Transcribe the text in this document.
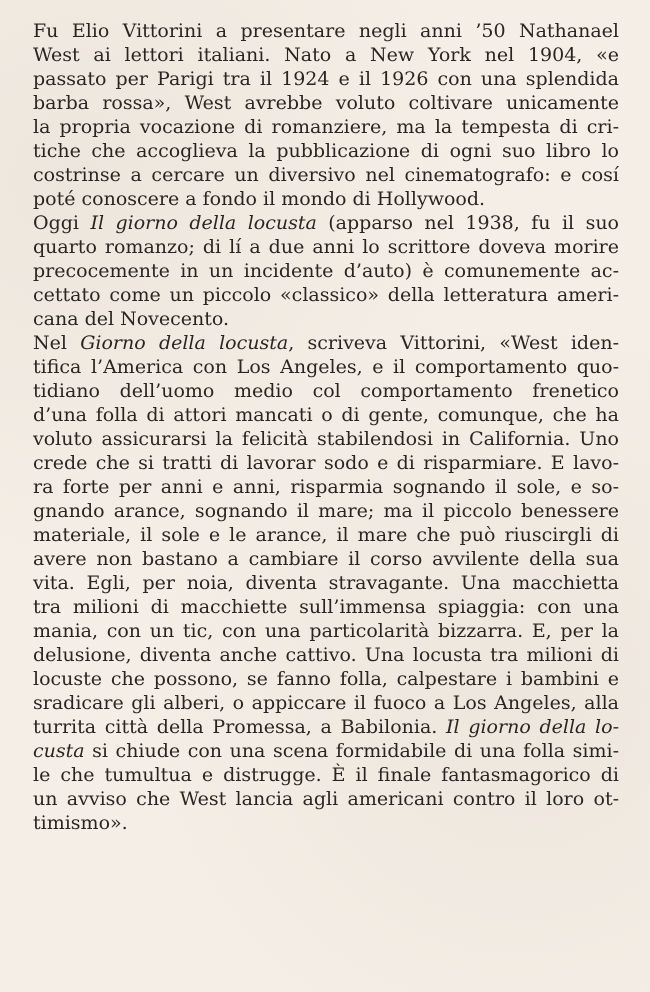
Fu Elio Vittorini a presentare negli anni ’50 Nathanael
West ai lettori italiani. Nato a New York nel 1904, «e
passato per Parigi tra il 1924 e il 1926 con una splendida
barba rossa», West avrebbe voluto coltivare unicamente
la propria vocazione di romanziere, ma la tempesta di cri-
tiche che accoglieva la pubblicazione di ogni suo libro lo
costrinse a cercare un diversivo nel cinematografo: e cosí
poté conoscere a fondo il mondo di Hollywood.
Oggi Il giorno della locusta (apparso nel 1938, fu il suo
quarto romanzo; di lí a due anni lo scrittore doveva morire
precocemente in un incidente d’auto) è comunemente ac-
cettato come un piccolo «classico» della letteratura ameri-
cana del Novecento.
Nel Giorno della locusta, scriveva Vittorini, «West iden-
tifica l’America con Los Angeles, e il comportamento quo-
tidiano dell’uomo medio col comportamento frenetico
d’una folla di attori mancati o di gente, comunque, che ha
voluto assicurarsi la felicità stabilendosi in California. Uno
crede che si tratti di lavorar sodo e di risparmiare. E lavo-
ra forte per anni e anni, risparmia sognando il sole, e so-
gnando arance, sognando il mare; ma il piccolo benessere
materiale, il sole e le arance, il mare che può riuscirgli di
avere non bastano a cambiare il corso avvilente della sua
vita. Egli, per noia, diventa stravagante. Una macchietta
tra milioni di macchiette sull’immensa spiaggia: con una
mania, con un tic, con una particolarità bizzarra. E, per la
delusione, diventa anche cattivo. Una locusta tra milioni di
locuste che possono, se fanno folla, calpestare i bambini e
sradicare gli alberi, o appiccare il fuoco a Los Angeles, alla
turrita città della Promessa, a Babilonia. Il giorno della lo-
custa si chiude con una scena formidabile di una folla simi-
le che tumultua e distrugge. È il finale fantasmagorico di
un avviso che West lancia agli americani contro il loro ot-
timismo».
